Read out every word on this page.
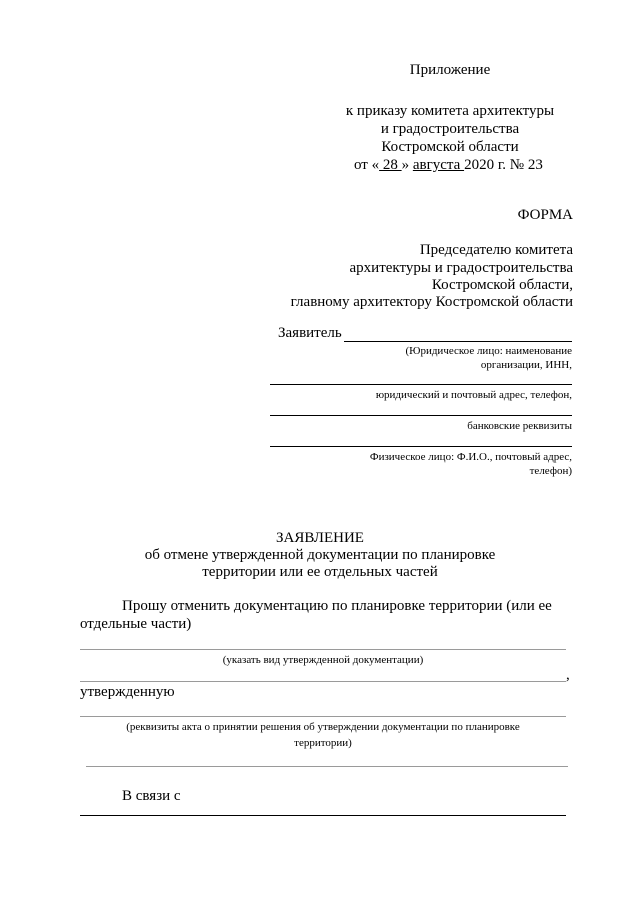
Приложение
к приказу комитета архитектуры
и градостроительства
Костромской области
от « 28 » августа 2020 г. № 23
ФОРМА
Председателю комитета
архитектуры и градостроительства
Костромской области,
главному архитектору Костромской области
Заявитель
(Юридическое лицо: наименование
организации, ИНН,
юридический и почтовый адрес, телефон,
банковские реквизиты
Физическое лицо: Ф.И.О., почтовый адрес,
телефон)
ЗАЯВЛЕНИЕ
об отмене утвержденной документации по планировке
территории или ее отдельных частей
Прошу отменить документацию по планировке территории (или ее
отдельные части)
(указать вид утвержденной документации)
,
утвержденную
(реквизиты акта о принятии решения об утверждении документации по планировке
территории)
В связи с
